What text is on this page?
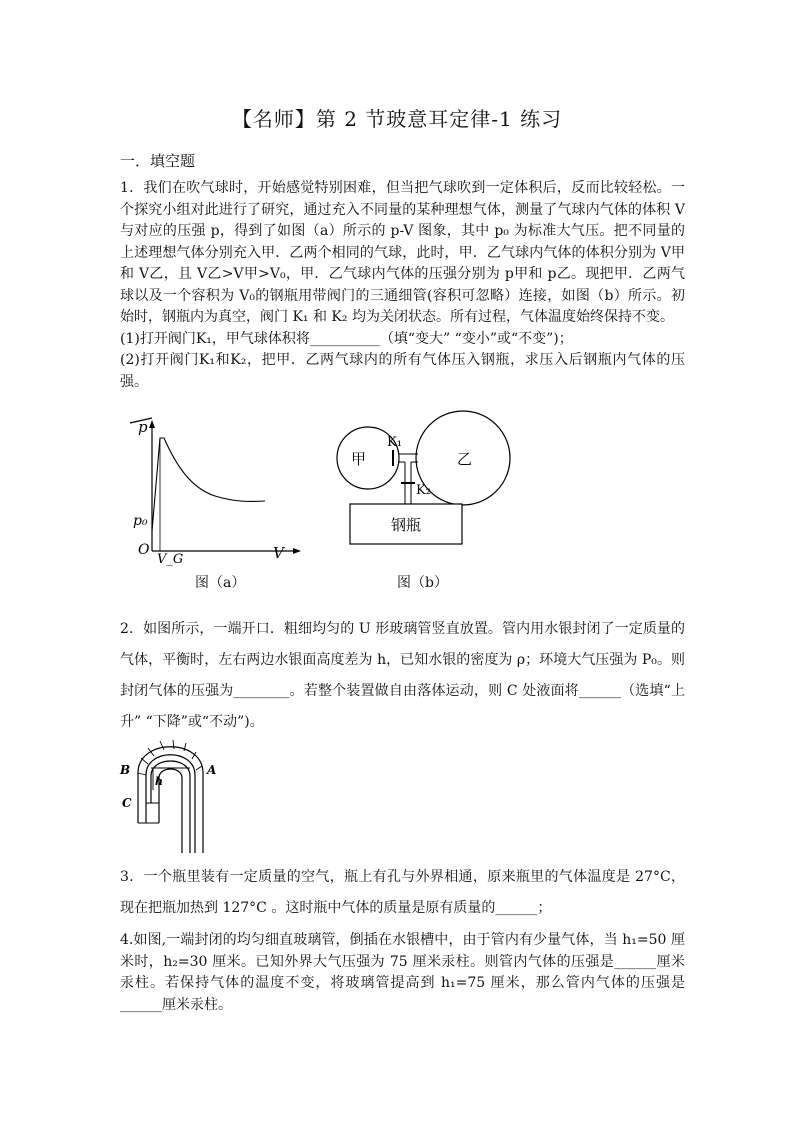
【名师】第 2 节玻意耳定律-1 练习
一．填空题
1．我们在吹气球时，开始感觉特别困难，但当把气球吹到一定体积后，反而比较轻松。一个探究小组对此进行了研究，通过充入不同量的某种理想气体，测量了气球内气体的体积 V 与对应的压强 p，得到了如图（a）所示的 p-V 图象，其中 p₀ 为标准大气压。把不同量的上述理想气体分别充入甲．乙两个相同的气球，此时，甲．乙气球内气体的体积分别为 V甲和 V乙，且 V乙>V甲>V₀，甲．乙气球内气体的压强分别为 p甲和 p乙。现把甲．乙两气球以及一个容积为 V₀的钢瓶用带阀门的三通细管(容积可忽略）连接，如图（b）所示。初始时，钢瓶内为真空，阀门 K₁ 和 K₂ 均为关闭状态。所有过程，气体温度始终保持不变。
(1)打开阀门K₁，甲气球体积将__________（填“变大” “变小”或“不变”)；
(2)打开阀门K₁和K₂，把甲．乙两气球内的所有气体压入钢瓶，求压入后钢瓶内气体的压强。
p
V
O
p₀
V_G
图（a）
甲	乙
K₁
K₂
钢瓶
图（b）
2．如图所示，一端开口．粗细均匀的 U 形玻璃管竖直放置。管内用水银封闭了一定质量的气体，平衡时，左右两边水银面高度差为 h，已知水银的密度为 ρ；环境大气压强为 P₀。则封闭气体的压强为________。若整个装置做自由落体运动，则 C 处液面将______（选填“上升” “下降”或“不动”)。
B	A
C
h
3．一个瓶里装有一定质量的空气，瓶上有孔与外界相通，原来瓶里的气体温度是 27°C，现在把瓶加热到 127°C 。这时瓶中气体的质量是原有质量的______；
4.如图,一端封闭的均匀细直玻璃管，倒插在水银槽中，由于管内有少量气体，当 h₁=50 厘米时，h₂=30 厘米。已知外界大气压强为 75 厘米汞柱。则管内气体的压强是______厘米汞柱。若保持气体的温度不变，将玻璃管提高到 h₁=75 厘米，那么管内气体的压强是______厘米汞柱。
